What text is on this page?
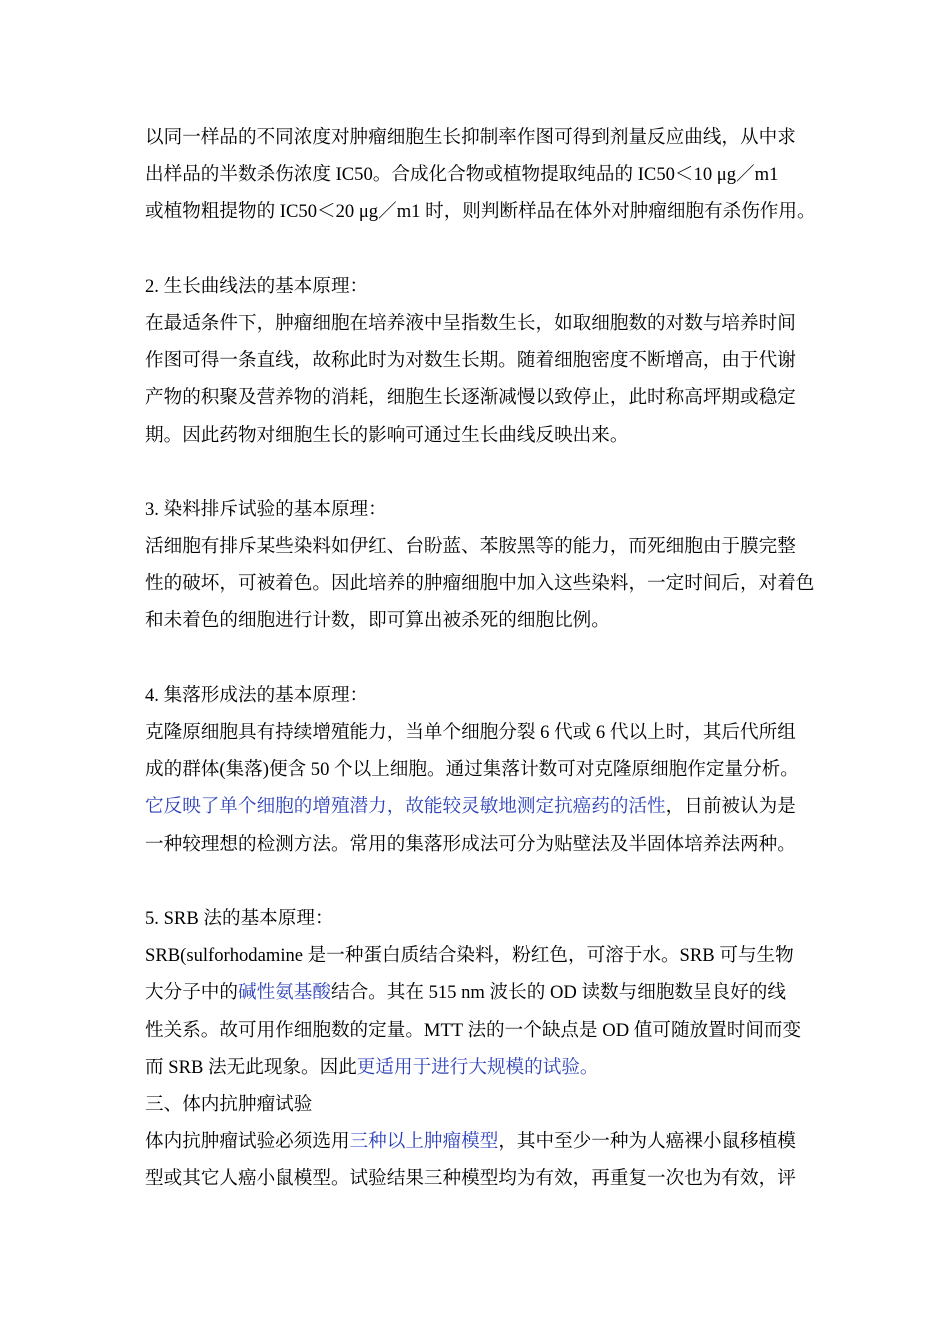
以同一样品的不同浓度对肿瘤细胞生长抑制率作图可得到剂量反应曲线，从中求
出样品的半数杀伤浓度 IC50。合成化合物或植物提取纯品的 IC50＜10 μg／m1
或植物粗提物的 IC50＜20 μg／m1 时，则判断样品在体外对肿瘤细胞有杀伤作用。
2. 生长曲线法的基本原理：
在最适条件下，肿瘤细胞在培养液中呈指数生长，如取细胞数的对数与培养时间
作图可得一条直线，故称此时为对数生长期。随着细胞密度不断增高，由于代谢
产物的积聚及营养物的消耗，细胞生长逐渐减慢以致停止，此时称高坪期或稳定
期。因此药物对细胞生长的影响可通过生长曲线反映出来。
3. 染料排斥试验的基本原理：
活细胞有排斥某些染料如伊红、台盼蓝、苯胺黑等的能力，而死细胞由于膜完整
性的破坏，可被着色。因此培养的肿瘤细胞中加入这些染料，一定时间后，对着色
和未着色的细胞进行计数，即可算出被杀死的细胞比例。
4. 集落形成法的基本原理：
克隆原细胞具有持续增殖能力，当单个细胞分裂 6 代或 6 代以上时，其后代所组
成的群体(集落)便含 50 个以上细胞。通过集落计数可对克隆原细胞作定量分析。
它反映了单个细胞的增殖潜力，故能较灵敏地测定抗癌药的活性，日前被认为是
一种较理想的检测方法。常用的集落形成法可分为贴壁法及半固体培养法两种。
5. SRB 法的基本原理：
SRB(sulforhodamine 是一种蛋白质结合染料，粉红色，可溶于水。SRB 可与生物
大分子中的碱性氨基酸结合。其在 515 nm 波长的 OD 读数与细胞数呈良好的线
性关系。故可用作细胞数的定量。MTT 法的一个缺点是 OD 值可随放置时间而变
而 SRB 法无此现象。因此更适用于进行大规模的试验。
三、体内抗肿瘤试验
体内抗肿瘤试验必须选用三种以上肿瘤模型，其中至少一种为人癌裸小鼠移植模
型或其它人癌小鼠模型。试验结果三种模型均为有效，再重复一次也为有效，评
